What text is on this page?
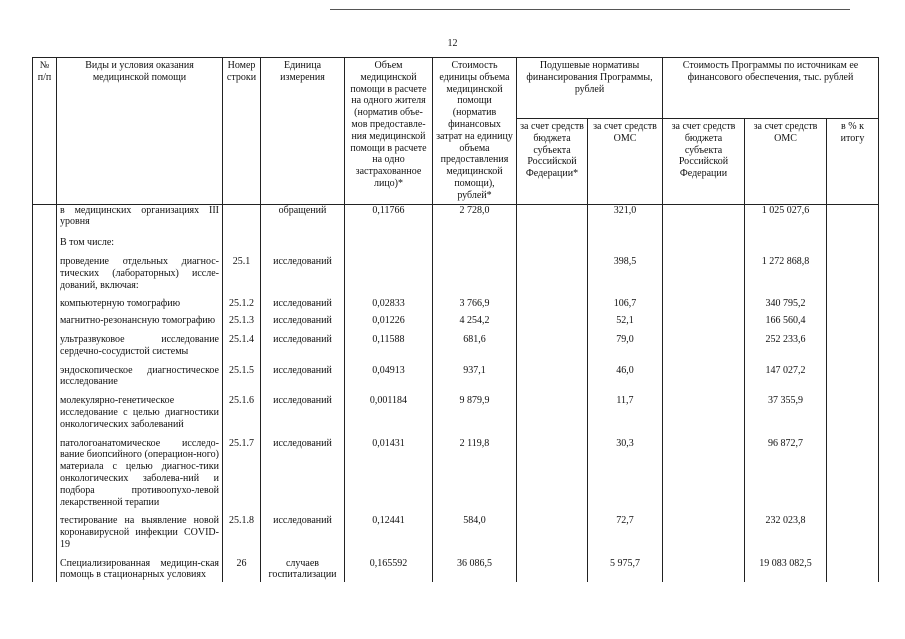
12
№
п/п	Виды и условия оказания медицинской помощи	Номер строки	Единица измерения	Объем медицинской помощи в расчете на одного жителя (норматив объе-мов предоставле-ния медицинской помощи в расчете на одно застрахованное лицо)*	Стоимость единицы объема медицинской помощи (норматив финансовых затрат на единицу объема предоставления медицинской помощи), рублей*	Подушевые нормативы финансирования Программы, рублей		Стоимость Программы по источникам ее финансового обеспечения, тыс. рублей		
						за счет средств бюджета субъекта Российской Федерации*	за счет средств ОМС	за счет средств бюджета субъекта Российской Федерации	за счет средств ОМС	в % к итогу
	в медицинских организациях III уровня		обращений	0,11766	2 728,0		321,0		1 025 027,6	
	В том числе:									
	проведение отдельных диагнос-тических (лабораторных) иссле-дований, включая:	25.1	исследований				398,5		1 272 868,8	
	компьютерную томографию	25.1.2	исследований	0,02833	3 766,9		106,7		340 795,2	
	магнитно-резонансную томографию	25.1.3	исследований	0,01226	4 254,2		52,1		166 560,4	
	ультразвуковое исследование сердечно-сосудистой системы	25.1.4	исследований	0,11588	681,6		79,0		252 233,6	
	эндоскопическое диагностическое исследование	25.1.5	исследований	0,04913	937,1		46,0		147 027,2	
	молекулярно-генетическое исследование с целью диагностики онкологических заболеваний	25.1.6	исследований	0,001184	9 879,9		11,7		37 355,9	
	патологоанатомическое исследо-вание биопсийного (операцион-ного) материала с целью диагнос-тики онкологических заболева-ний и подбора противоопухо-левой лекарственной терапии	25.1.7	исследований	0,01431	2 119,8		30,3		96 872,7	
	тестирование на выявление новой коронавирусной инфекции COVID-19	25.1.8	исследований	0,12441	584,0		72,7		232 023,8	
	Специализированная медицин-ская помощь в стационарных условиях	26	случаев госпитализации	0,165592	36 086,5		5 975,7		19 083 082,5	
